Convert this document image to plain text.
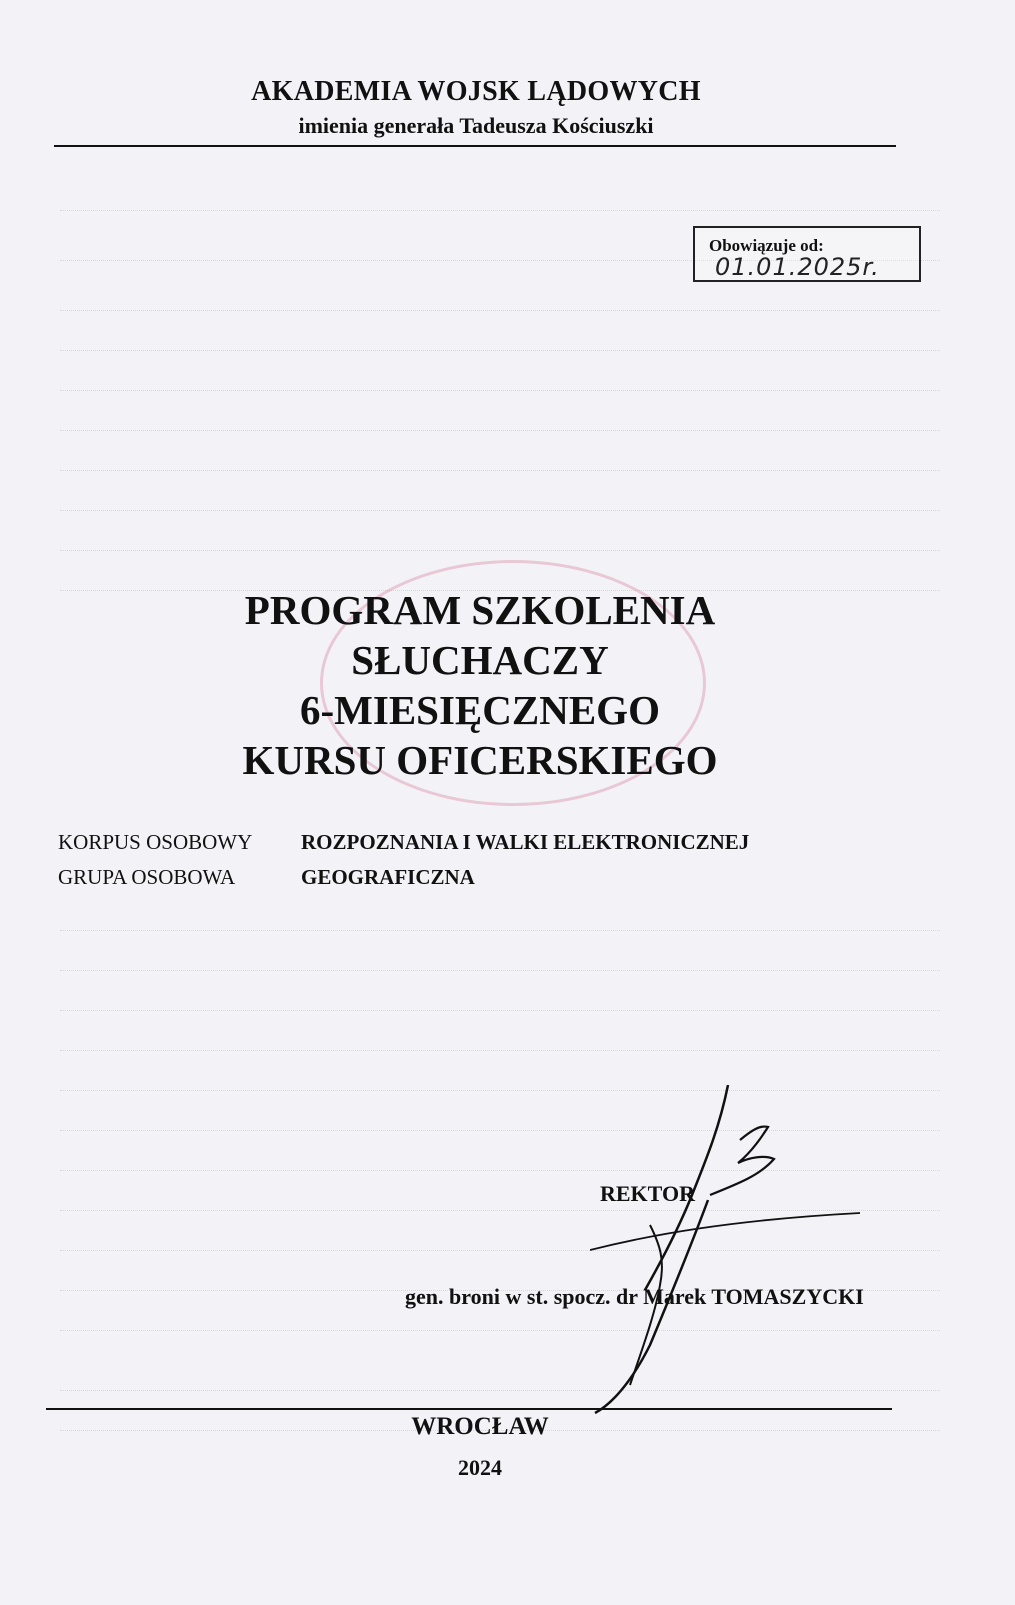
AKADEMIA WOJSK LĄDOWYCH
imienia generała Tadeusza Kościuszki
Obowiązuje od:
01.01.2025r.
PROGRAM SZKOLENIA
SŁUCHACZY
6-MIESIĘCZNEGO
KURSU OFICERSKIEGO
KORPUS OSOBOWY ROZPOZNANIA I WALKI ELEKTRONICZNEJ
GRUPA OSOBOWA	GEOGRAFICZNA
REKTOR
gen. broni w st. spocz. dr Marek TOMASZYCKI
WROCŁAW
2024
